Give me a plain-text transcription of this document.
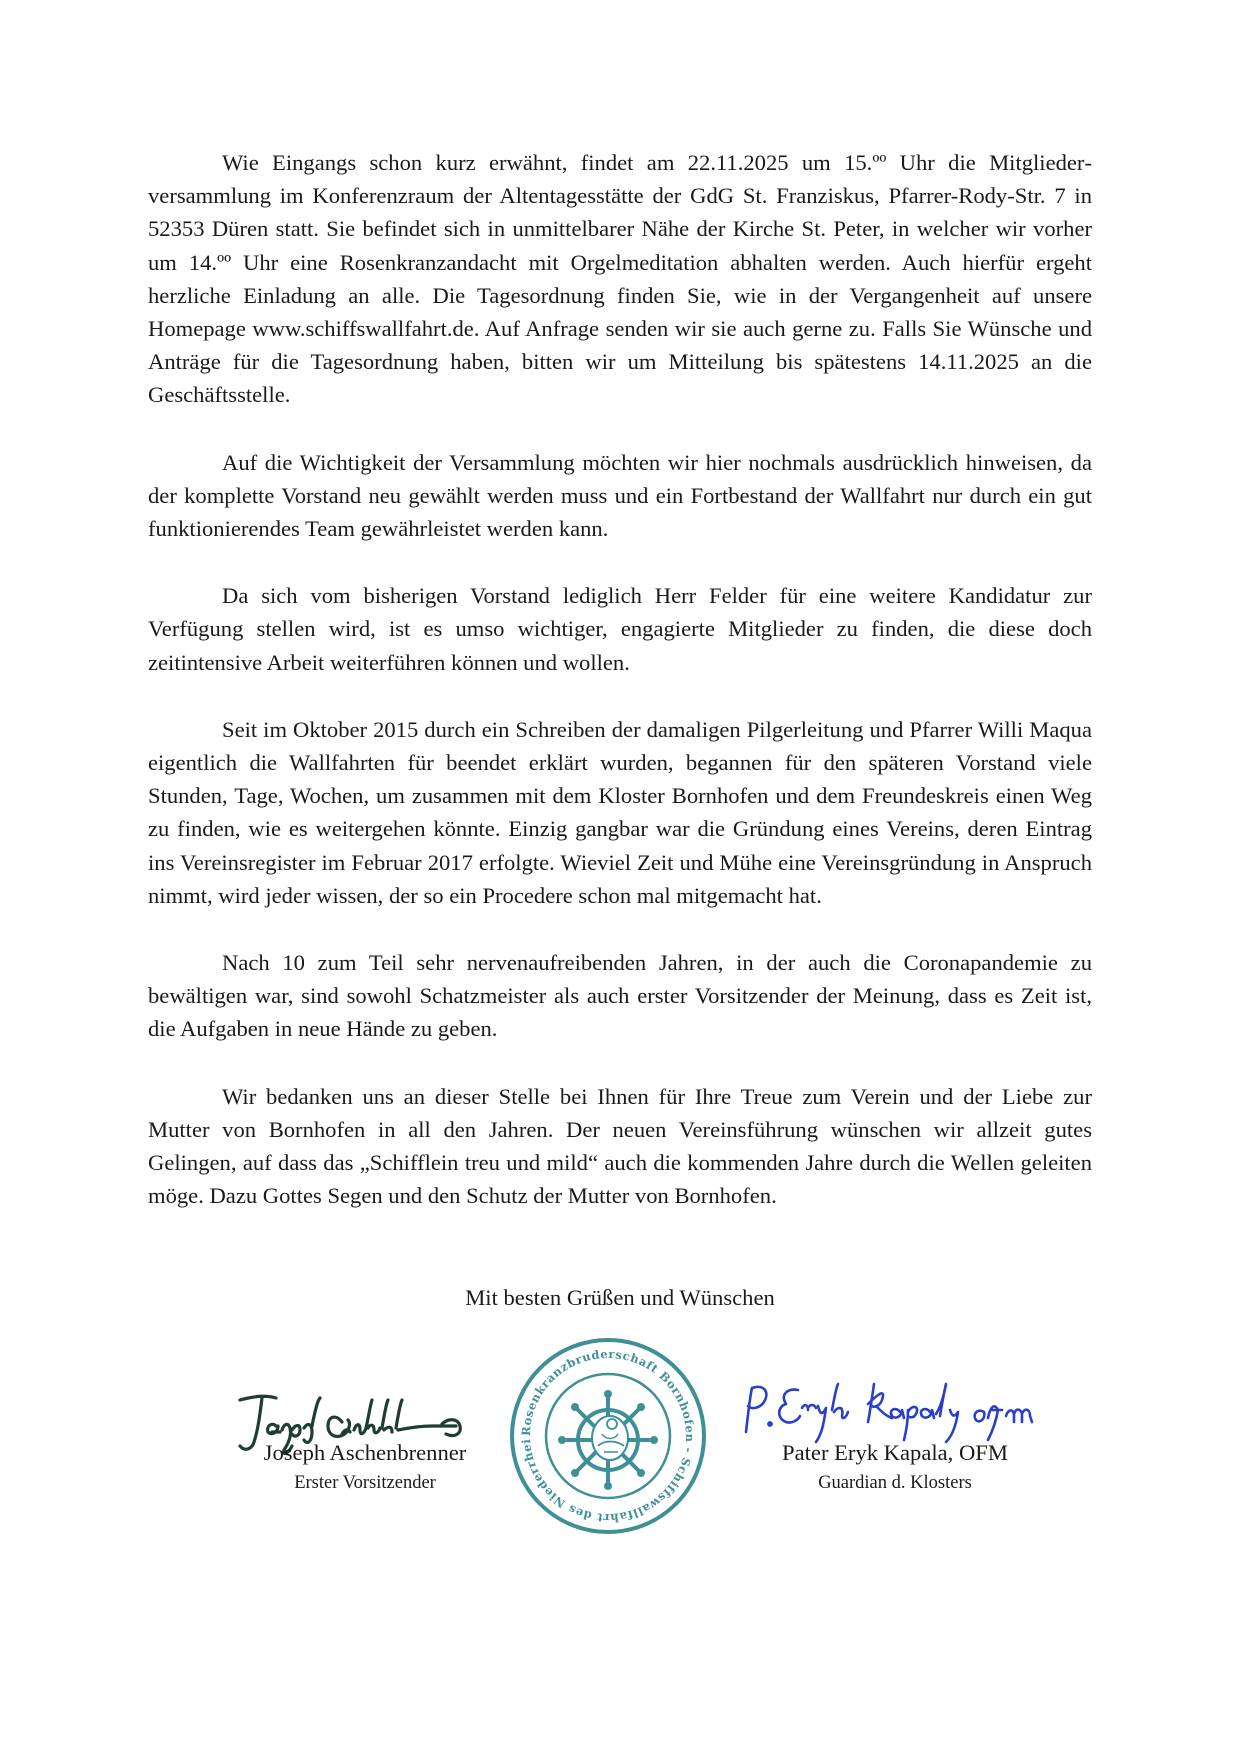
Wie Eingangs schon kurz erwähnt, findet am 22.11.2025 um 15.ºº Uhr die Mitgliederversammlung im Konferenzraum der Altentagesstätte der GdG St. Franziskus, Pfarrer-Rody-Str. 7 in 52353 Düren statt. Sie befindet sich in unmittelbarer Nähe der Kirche St. Peter, in welcher wir vorher um 14.ºº Uhr eine Rosenkranzandacht mit Orgelmeditation abhalten werden. Auch hierfür ergeht herzliche Einladung an alle. Die Tagesordnung finden Sie, wie in der Vergangenheit auf unsere Homepage www.schiffswallfahrt.de. Auf Anfrage senden wir sie auch gerne zu. Falls Sie Wünsche und Anträge für die Tagesordnung haben, bitten wir um Mitteilung bis spätestens 14.11.2025 an die Geschäftsstelle.

Auf die Wichtigkeit der Versammlung möchten wir hier nochmals ausdrücklich hinweisen, da der komplette Vorstand neu gewählt werden muss und ein Fortbestand der Wallfahrt nur durch ein gut funktionierendes Team gewährleistet werden kann.

Da sich vom bisherigen Vorstand lediglich Herr Felder für eine weitere Kandidatur zur Verfügung stellen wird, ist es umso wichtiger, engagierte Mitglieder zu finden, die diese doch zeitintensive Arbeit weiterführen können und wollen.

Seit im Oktober 2015 durch ein Schreiben der damaligen Pilgerleitung und Pfarrer Willi Maqua eigentlich die Wallfahrten für beendet erklärt wurden, begannen für den späteren Vorstand viele Stunden, Tage, Wochen, um zusammen mit dem Kloster Bornhofen und dem Freundeskreis einen Weg zu finden, wie es weitergehen könnte. Einzig gangbar war die Gründung eines Vereins, deren Eintrag ins Vereinsregister im Februar 2017 erfolgte. Wieviel Zeit und Mühe eine Vereinsgründung in Anspruch nimmt, wird jeder wissen, der so ein Procedere schon mal mitgemacht hat.

Nach 10 zum Teil sehr nervenaufreibenden Jahren, in der auch die Coronapandemie zu bewältigen war, sind sowohl Schatzmeister als auch erster Vorsitzender der Meinung, dass es Zeit ist, die Aufgaben in neue Hände zu geben.

Wir bedanken uns an dieser Stelle bei Ihnen für Ihre Treue zum Verein und der Liebe zur Mutter von Bornhofen in all den Jahren. Der neuen Vereinsführung wünschen wir allzeit gutes Gelingen, auf dass das „Schifflein treu und mild“ auch die kommenden Jahre durch die Wellen geleiten möge. Dazu Gottes Segen und den Schutz der Mutter von Bornhofen.

Mit besten Grüßen und Wünschen
Joseph Aschenbrenner
Erster Vorsitzender
Rosenkranzbruderschaft Bornhofen - Schiffswallfahrt des Niederrhei	Pater Eryk Kapala, OFM
Guardian d. Klosters
